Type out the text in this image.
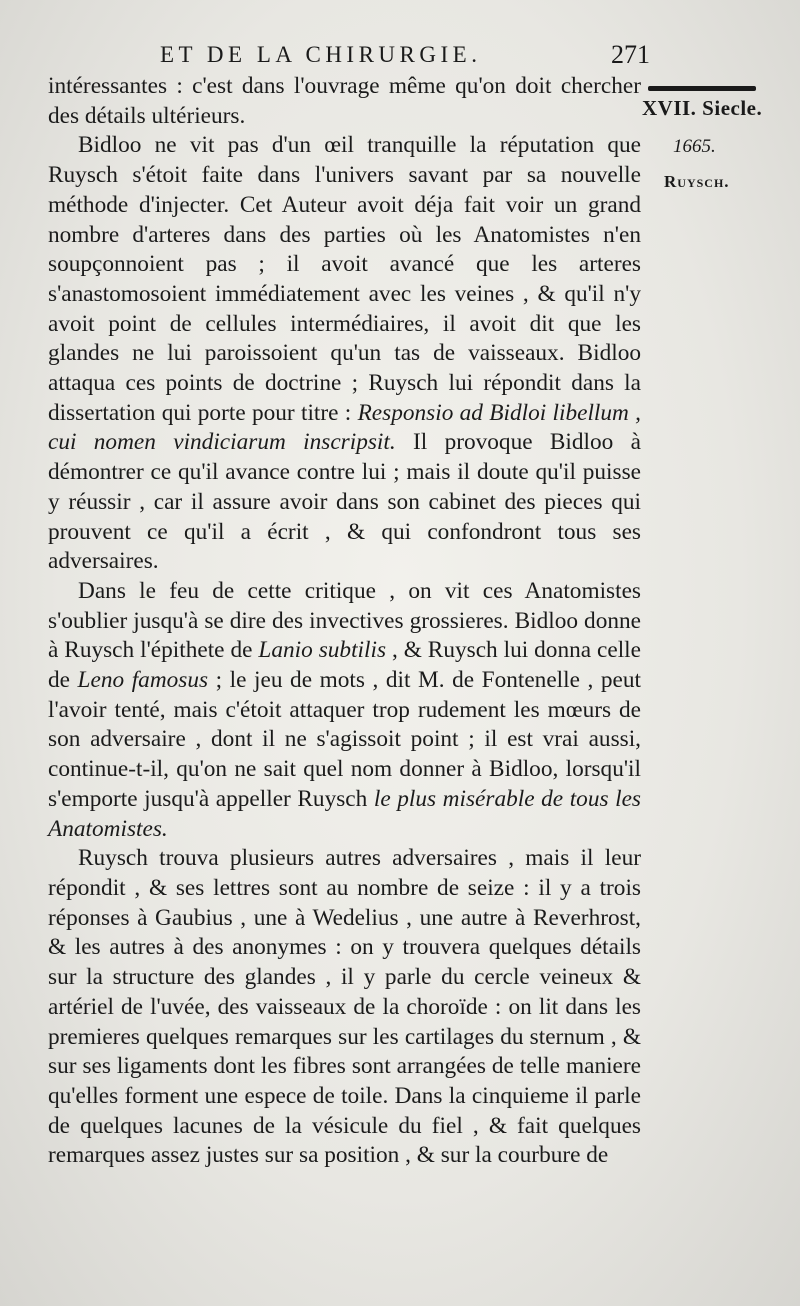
ET DE LA CHIRURGIE.	271
XVII. Siecle.
1665.
Ruysch.

intéressantes : c'est dans l'ouvrage même qu'on doit chercher des détails ultérieurs.

Bidloo ne vit pas d'un œil tranquille la réputation que Ruysch s'étoit faite dans l'univers savant par sa nouvelle méthode d'injecter. Cet Auteur avoit déja fait voir un grand nombre d'arteres dans des parties où les Anatomistes n'en soupçonnoient pas ; il avoit avancé que les arteres s'anastomosoient immédiatement avec les veines , & qu'il n'y avoit point de cellules intermédiaires, il avoit dit que les glandes ne lui paroissoient qu'un tas de vaisseaux. Bidloo attaqua ces points de doctrine ; Ruysch lui répondit dans la dissertation qui porte pour titre : Responsio ad Bidloi libellum , cui nomen vindiciarum inscripsit. Il provoque Bidloo à démontrer ce qu'il avance contre lui ; mais il doute qu'il puisse y réussir , car il assure avoir dans son cabinet des pieces qui prouvent ce qu'il a écrit , & qui confondront tous ses adversaires.

Dans le feu de cette critique , on vit ces Anatomistes s'oublier jusqu'à se dire des invectives grossieres. Bidloo donne à Ruysch l'épithete de Lanio subtilis , & Ruysch lui donna celle de Leno famosus ; le jeu de mots , dit M. de Fontenelle , peut l'avoir tenté, mais c'étoit attaquer trop rudement les mœurs de son adversaire , dont il ne s'agissoit point ; il est vrai aussi, continue-t-il, qu'on ne sait quel nom donner à Bidloo, lorsqu'il s'emporte jusqu'à appeller Ruysch le plus misérable de tous les Anatomistes.

Ruysch trouva plusieurs autres adversaires , mais il leur répondit , & ses lettres sont au nombre de seize : il y a trois réponses à Gaubius , une à Wedelius , une autre à Reverhrost, & les autres à des anonymes : on y trouvera quelques détails sur la structure des glandes , il y parle du cercle veineux & artériel de l'uvée, des vaisseaux de la choroïde : on lit dans les premieres quelques remarques sur les cartilages du sternum , & sur ses ligaments dont les fibres sont arrangées de telle maniere qu'elles forment une espece de toile. Dans la cinquieme il parle de quelques lacunes de la vésicule du fiel , & fait quelques remarques assez justes sur sa position , & sur la courbure de
